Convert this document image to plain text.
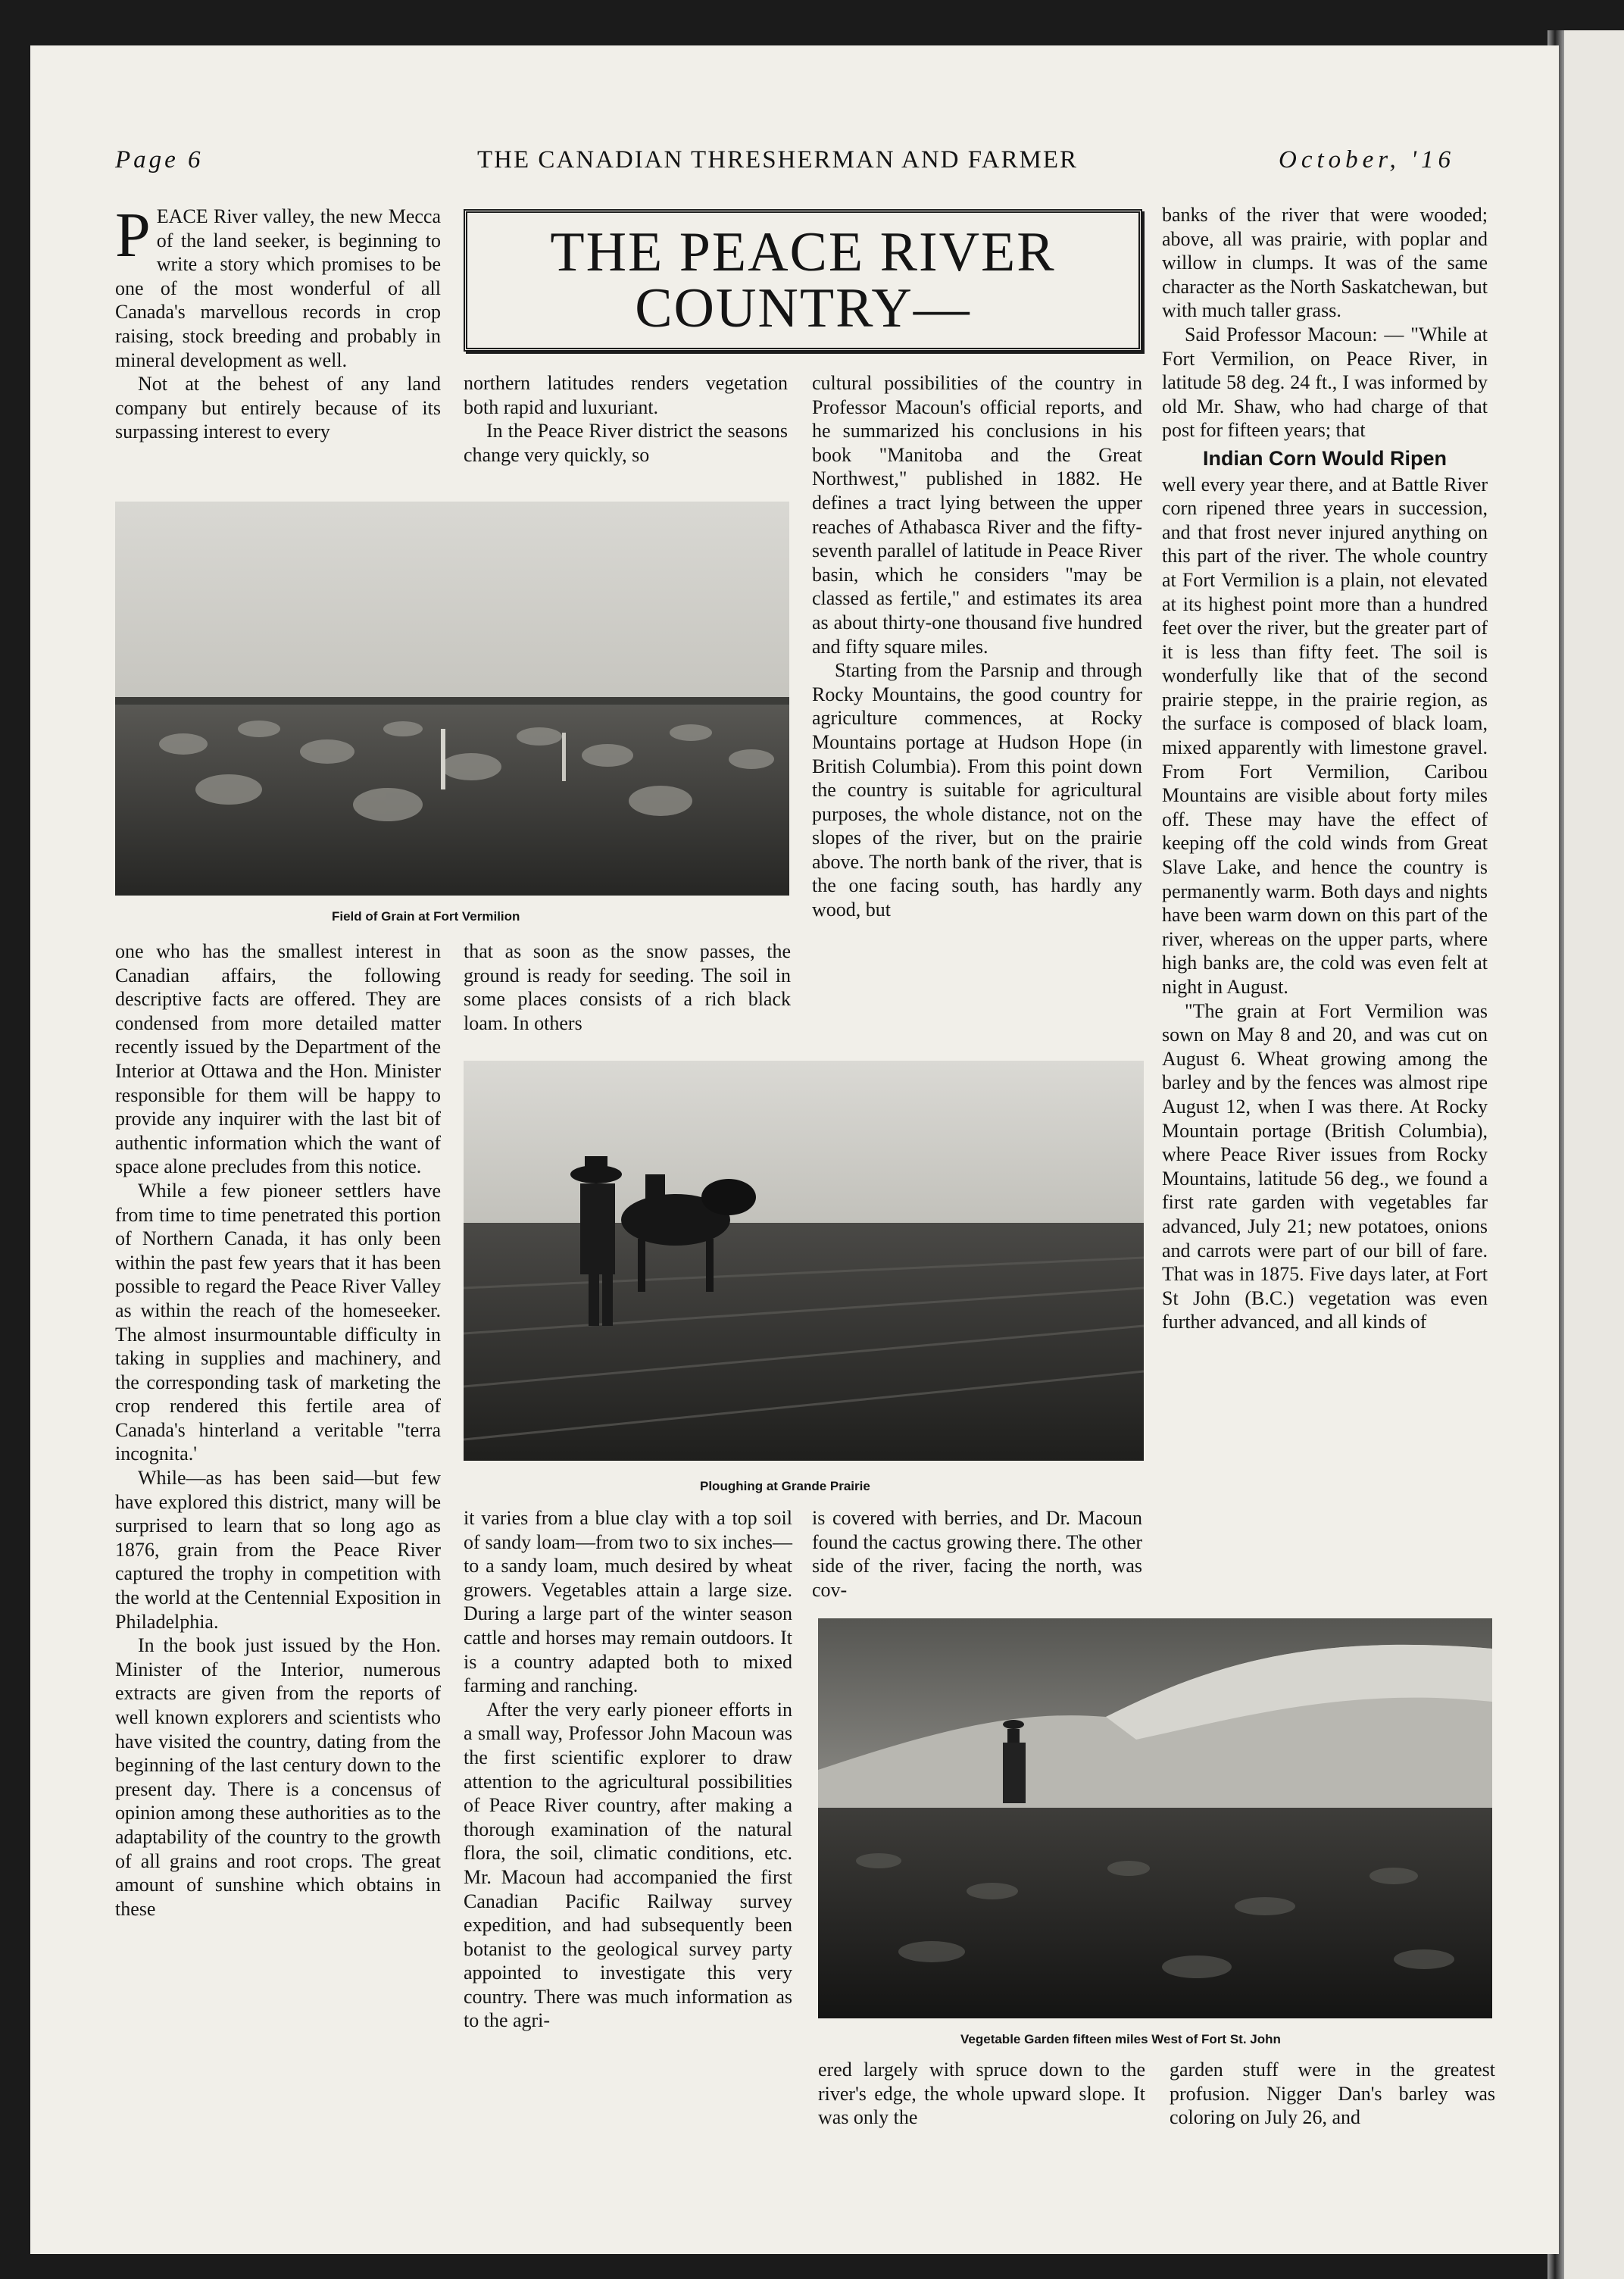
Page 6	THE CANADIAN THRESHERMAN AND FARMER	October, '16
THE PEACE RIVER
COUNTRY—

PEACE River valley, the new Mecca of the land seeker, is beginning to write a story which promises to be one of the most wonderful of all Canada's marvellous records in crop raising, stock breeding and probably in mineral development as well.

Not at the behest of any land company but entirely because of its surpassing interest to every

northern latitudes renders vegetation both rapid and luxuriant.

In the Peace River district the seasons change very quickly, so

cultural possibilities of the country in Professor Macoun's official reports, and he summarized his conclusions in his book "Manitoba and the Great Northwest," published in 1882. He defines a tract lying between the upper reaches of Athabasca River and the fifty-seventh parallel of latitude in Peace River basin, which he considers "may be classed as fertile," and estimates its area as about thirty-one thousand five hundred and fifty square miles.

Starting from the Parsnip and through Rocky Mountains, the good country for agriculture commences, at Rocky Mountains portage at Hudson Hope (in British Columbia). From this point down the country is suitable for agricultural purposes, the whole distance, not on the slopes of the river, but on the prairie above. The north bank of the river, that is the one facing south, has hardly any wood, but

banks of the river that were wooded; above, all was prairie, with poplar and willow in clumps. It was of the same character as the North Saskatchewan, but with much taller grass.

Said Professor Macoun: — "While at Fort Vermilion, on Peace River, in latitude 58 deg. 24 ft., I was informed by old Mr. Shaw, who had charge of that post for fifteen years; that

Indian Corn Would Ripen

well every year there, and at Battle River corn ripened three years in succession, and that frost never injured anything on this part of the river. The whole country at Fort Vermilion is a plain, not elevated at its highest point more than a hundred feet over the river, but the greater part of it is less than fifty feet. The soil is wonderfully like that of the second prairie steppe, in the prairie region, as the surface is composed of black loam, mixed apparently with limestone gravel. From Fort Vermilion, Caribou Mountains are visible about forty miles off. These may have the effect of keeping off the cold winds from Great Slave Lake, and hence the country is permanently warm. Both days and nights have been warm down on this part of the river, whereas on the upper parts, where high banks are, the cold was even felt at night in August.

"The grain at Fort Vermilion was sown on May 8 and 20, and was cut on August 6. Wheat growing among the barley and by the fences was almost ripe August 12, when I was there. At Rocky Mountain portage (British Columbia), where Peace River issues from Rocky Mountains, latitude 56 deg., we found a first rate garden with vegetables far advanced, July 21; new potatoes, onions and carrots were part of our bill of fare. That was in 1875. Five days later, at Fort St John (B.C.) vegetation was even further advanced, and all kinds of

Field of Grain at Fort Vermilion

one who has the smallest interest in Canadian affairs, the following descriptive facts are offered. They are condensed from more detailed matter recently issued by the Department of the Interior at Ottawa and the Hon. Minister responsible for them will be happy to provide any inquirer with the last bit of authentic information which the want of space alone precludes from this notice.

While a few pioneer settlers have from time to time penetrated this portion of Northern Canada, it has only been within the past few years that it has been possible to regard the Peace River Valley as within the reach of the homeseeker. The almost insurmountable difficulty in taking in supplies and machinery, and the corresponding task of marketing the crop rendered this fertile area of Canada's hinterland a veritable "terra incognita.'

While—as has been said—but few have explored this district, many will be surprised to learn that so long ago as 1876, grain from the Peace River captured the trophy in competition with the world at the Centennial Exposition in Philadelphia.

In the book just issued by the Hon. Minister of the Interior, numerous extracts are given from the reports of well known explorers and scientists who have visited the country, dating from the beginning of the last century down to the present day. There is a concensus of opinion among these authorities as to the adaptability of the country to the growth of all grains and root crops. The great amount of sunshine which obtains in these

that as soon as the snow passes, the ground is ready for seeding. The soil in some places consists of a rich black loam. In others

Ploughing at Grande Prairie

it varies from a blue clay with a top soil of sandy loam—from two to six inches—to a sandy loam, much desired by wheat growers. Vegetables attain a large size. During a large part of the winter season cattle and horses may remain outdoors. It is a country adapted both to mixed farming and ranching.

After the very early pioneer efforts in a small way, Professor John Macoun was the first scientific explorer to draw attention to the agricultural possibilities of Peace River country, after making a thorough examination of the natural flora, the soil, climatic conditions, etc. Mr. Macoun had accompanied the first Canadian Pacific Railway survey expedition, and had subsequently been botanist to the geological survey party appointed to investigate this very country. There was much information as to the agri-

is covered with berries, and Dr. Macoun found the cactus growing there. The other side of the river, facing the north, was cov-

Vegetable Garden fifteen miles West of Fort St. John

ered largely with spruce down to the river's edge, the whole upward slope. It was only the

garden stuff were in the greatest profusion. Nigger Dan's barley was coloring on July 26, and
